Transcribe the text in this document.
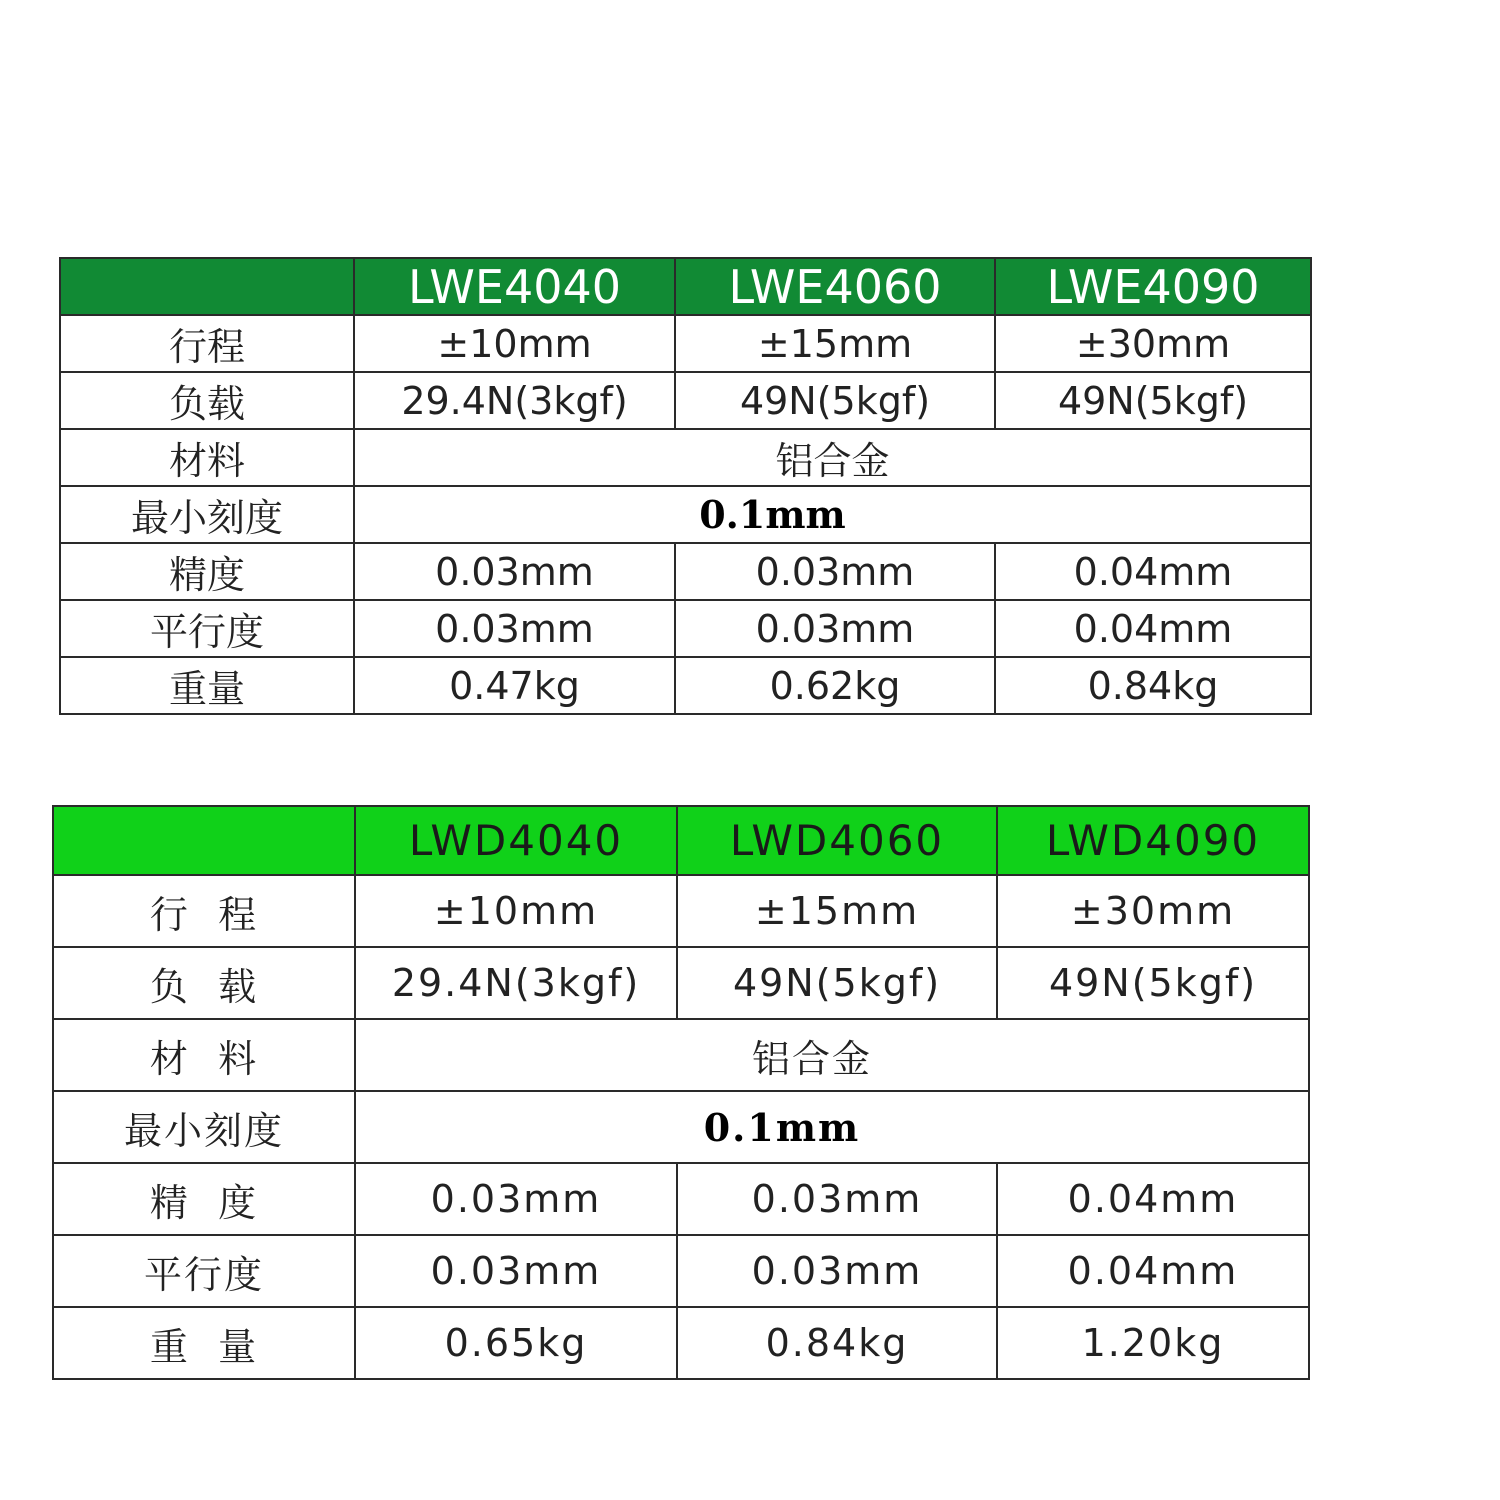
	LWE4040	LWE4060	LWE4090
行程	±10mm	±15mm	±30mm
负载	29.4N(3kgf)	49N(5kgf)	49N(5kgf)
材料	铝合金		
最小刻度	0.1mm		
精度	0.03mm	0.03mm	0.04mm
平行度	0.03mm	0.03mm	0.04mm
重量	0.47kg	0.62kg	0.84kg
	LWD4040	LWD4060	LWD4090
行  程	±10mm	±15mm	±30mm
负  载	29.4N(3kgf)	49N(5kgf)	49N(5kgf)
材  料	铝合金		
最小刻度	0.1mm		
精  度	0.03mm	0.03mm	0.04mm
平行度	0.03mm	0.03mm	0.04mm
重  量	0.65kg	0.84kg	1.20kg
